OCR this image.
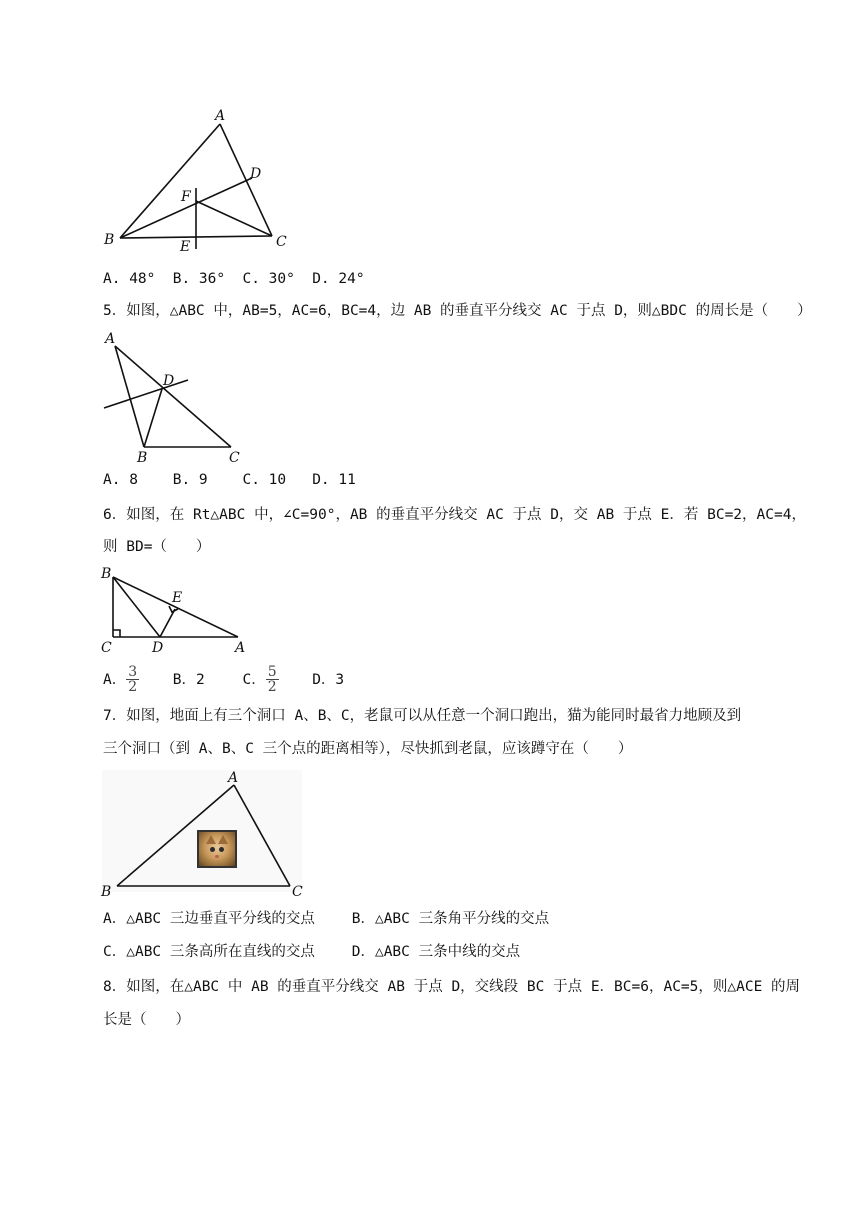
A
B	C
D
E
F
A. 48° B. 36° C. 30° D. 24°
5．如图，△ABC 中，AB=5，AC=6，BC=4，边 AB 的垂直平分线交 AC 于点 D，则△BDC 的周长是（　　）
A
B	C
D
A. 8 B. 9 C. 10 D. 11
6．如图，在 Rt△ABC 中，∠C=90°，AB 的垂直平分线交 AC 于点 D，交 AB 于点 E．若 BC=2，AC=4，
则 BD=（　　）
B
C	D
E
A
A． $\frac{3}{2}$ B．2	C． $\frac{5}{2}$ D．3
7．如图，地面上有三个洞口 A、B、C，老鼠可以从任意一个洞口跑出，猫为能同时最省力地顾及到
三个洞口（到 A、B、C 三个点的距离相等），尽快抓到老鼠，应该蹲守在（　　）
A
B	C
A．△ABC 三边垂直平分线的交点	B．△ABC 三条角平分线的交点
C．△ABC 三条高所在直线的交点	D．△ABC 三条中线的交点
8．如图，在△ABC 中 AB 的垂直平分线交 AB 于点 D，交线段 BC 于点 E．BC=6，AC=5，则△ACE 的周
长是（　　）
